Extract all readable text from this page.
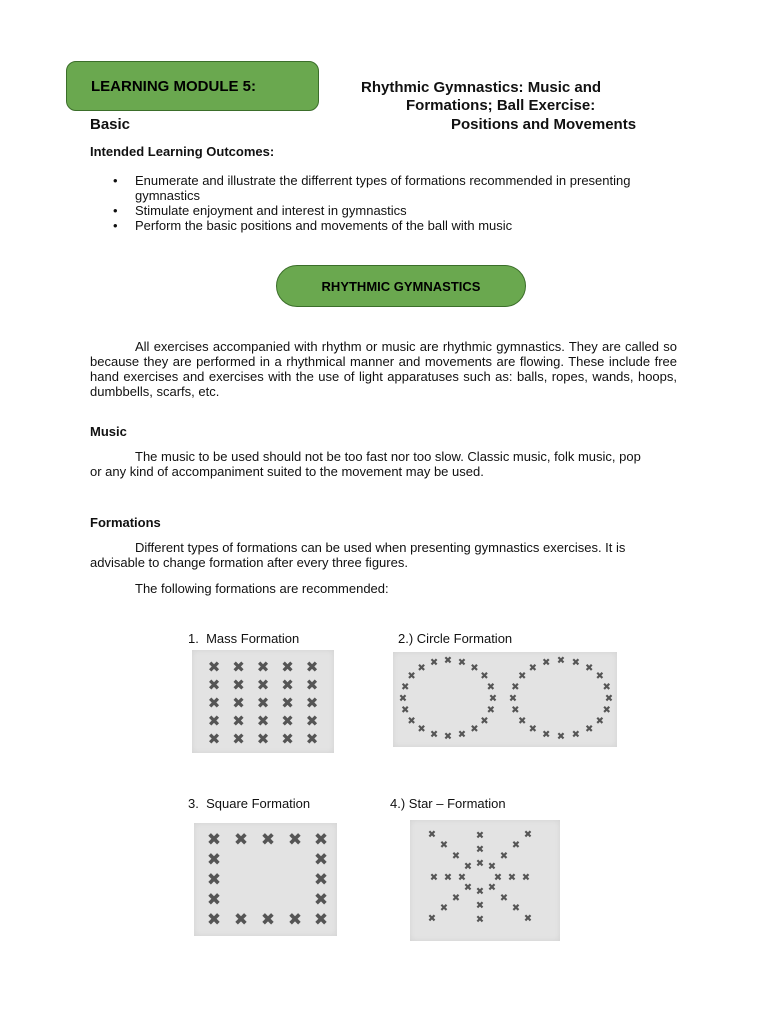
LEARNING MODULE 5:	Rhythmic Gymnastics: Music and
Formations; Ball Exercise:
Basic	Positions and Movements
Intended Learning Outcomes:
• Enumerate and illustrate the differrent types of formations recommended in presenting gymnastics
• Stimulate enjoyment and interest in gymnastics
• Perform the basic positions and movements of the ball with music
RHYTHMIC GYMNASTICS
All exercises accompanied with rhythm or music are rhythmic gymnastics. They are called so because they are performed in a rhythmical manner and movements are flowing. These include free hand exercises and exercises with the use of light apparatuses such as: balls, ropes, wands, hoops, dumbbells, scarfs, etc.
Music
The music to be used should not be too fast nor too slow. Classic music, folk music, pop or any kind of accompaniment suited to the movement may be used.
Formations
Different types of formations can be used when presenting gymnastics exercises. It is advisable to change formation after every three figures.
The following formations are recommended:
1. Mass Formation	2.) Circle Formation
3. Square Formation	4.) Star – Formation
✖ ✖ ✖ ✖ ✖
✖ ✖ ✖ ✖ ✖
✖ ✖ ✖ ✖ ✖
✖ ✖ ✖ ✖ ✖
✖ ✖ ✖ ✖ ✖
✖
✖
✖
✖
✖
✖
✖
✖
✖
✖
✖
✖
✖
✖ ✖ ✖ ✖ ✖
✖
✖
✖
✖
✖
✖
✖
✖
✖
✖
✖
✖
✖
✖
✖
✖ ✖ ✖ ✖ ✖
✖
✖
✖
✖
✖
✖
✖
✖
✖
✖
✖
✖
✖	✖
✖	✖
✖	✖
✖ ✖
✖ ✖
✖	✖
✖	✖
✖	✖
✖	✖
✖	✖
✖	✖
✖
✖
✖	✖
✖
✖
✖	✖
✖
✖
✖	✖
